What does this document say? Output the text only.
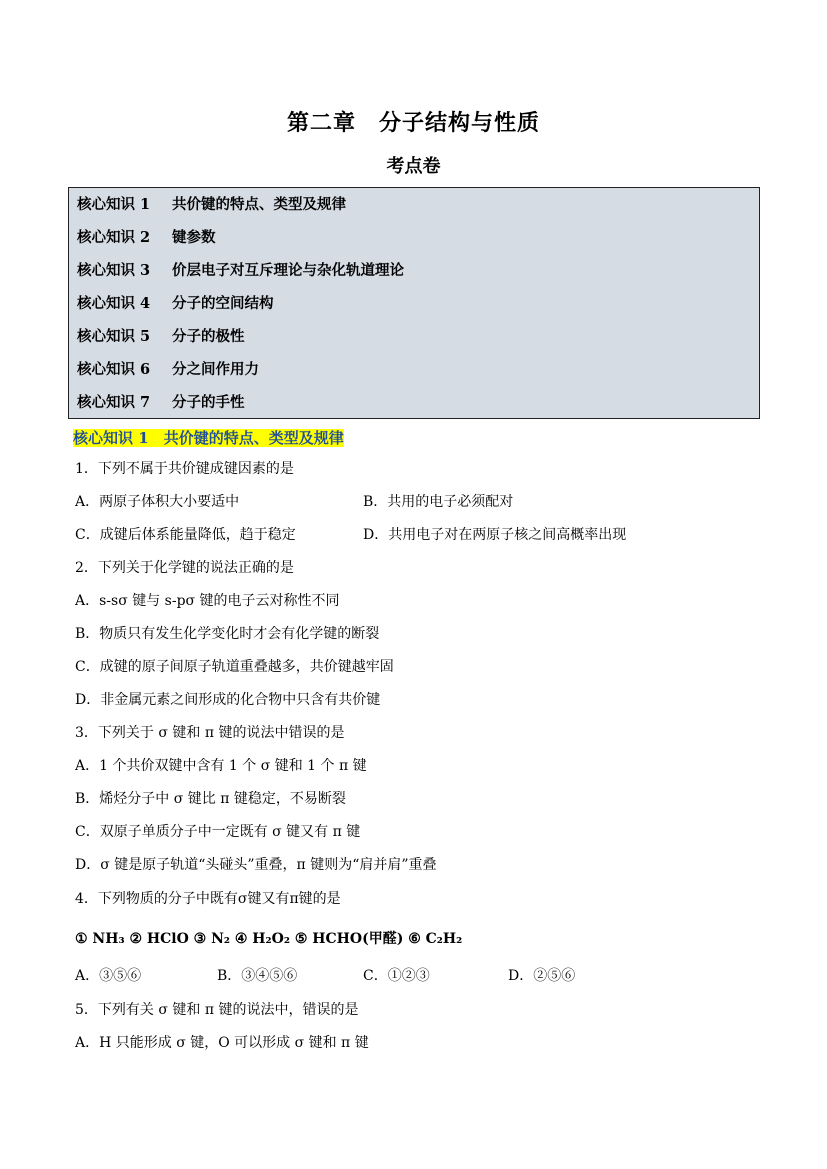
第二章　分子结构与性质
考点卷
核心知识 1 共价键的特点、类型及规律
核心知识 2 键参数
核心知识 3 价层电子对互斥理论与杂化轨道理论
核心知识 4 分子的空间结构
核心知识 5 分子的极性
核心知识 6 分之间作用力
核心知识 7 分子的手性
核心知识 1　 共价键的特点、类型及规律
1．下列不属于共价键成键因素的是
A．两原子体积大小要适中	B．共用的电子必须配对
C．成键后体系能量降低，趋于稳定	D．共用电子对在两原子核之间高概率出现
2．下列关于化学键的说法正确的是
A．s-sσ 键与 s-pσ 键的电子云对称性不同
B．物质只有发生化学变化时才会有化学键的断裂
C．成键的原子间原子轨道重叠越多，共价键越牢固
D．非金属元素之间形成的化合物中只含有共价键
3．下列关于 σ 键和 π 键的说法中错误的是
A．1 个共价双键中含有 1 个 σ 键和 1 个 π 键
B．烯烃分子中 σ 键比 π 键稳定，不易断裂
C．双原子单质分子中一定既有 σ 键又有 π 键
D．σ 键是原子轨道“头碰头”重叠，π 键则为“肩并肩”重叠
4．下列物质的分子中既有σ键又有π键的是
① NH₃ ② HClO ③ N₂ ④ H₂O₂ ⑤ HCHO(甲醛) ⑥ C₂H₂
A．③⑤⑥	B．③④⑤⑥	C．①②③	D．②⑤⑥
5．下列有关 σ 键和 π 键的说法中，错误的是
A．H 只能形成 σ 键，O 可以形成 σ 键和 π 键
